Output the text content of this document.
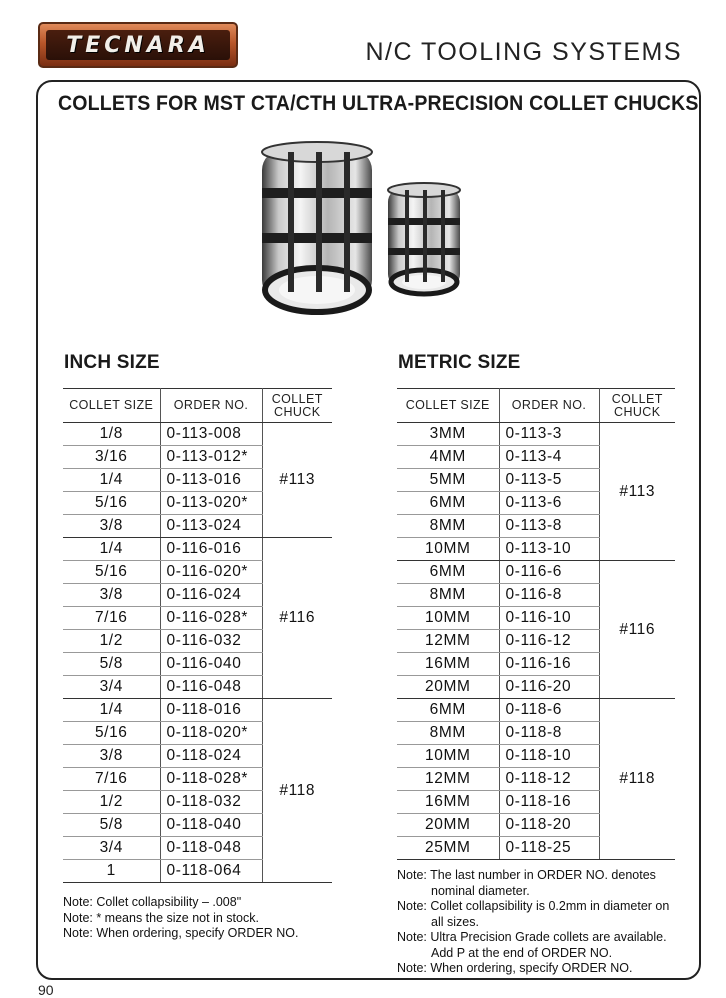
TECNARA	N/C TOOLING SYSTEMS
COLLETS FOR MST CTA/CTH ULTRA-PRECISION COLLET CHUCKS
INCH SIZE
COLLET SIZE	ORDER NO.	COLLET
CHUCK
1/8	0-113-008	#113
3/16	0-113-012*	
1/4	0-113-016	
5/16	0-113-020*	
3/8	0-113-024	
1/4	0-116-016	#116
5/16	0-116-020*	
3/8	0-116-024	
7/16	0-116-028*	
1/2	0-116-032	
5/8	0-116-040	
3/4	0-116-048	
1/4	0-118-016	#118
5/16	0-118-020*	
3/8	0-118-024	
7/16	0-118-028*	
1/2	0-118-032	
5/8	0-118-040	
3/4	0-118-048	
1	0-118-064	
Note: Collet collapsibility – .008"
Note: * means the size not in stock.
Note: When ordering, specify ORDER NO.
METRIC SIZE
COLLET SIZE	ORDER NO.	COLLET
CHUCK
3MM	0-113-3	#113
4MM	0-113-4	
5MM	0-113-5	
6MM	0-113-6	
8MM	0-113-8	
10MM	0-113-10	
6MM	0-116-6	#116
8MM	0-116-8	
10MM	0-116-10	
12MM	0-116-12	
16MM	0-116-16	
20MM	0-116-20	
6MM	0-118-6	#118
8MM	0-118-8	
10MM	0-118-10	
12MM	0-118-12	
16MM	0-118-16	
20MM	0-118-20	
25MM	0-118-25	
Note: The last number in ORDER NO. denotes
nominal diameter.
Note: Collet collapsibility is 0.2mm in diameter on
all sizes.
Note: Ultra Precision Grade collets are available.
Add P at the end of ORDER NO.
Note: When ordering, specify ORDER NO.
90
